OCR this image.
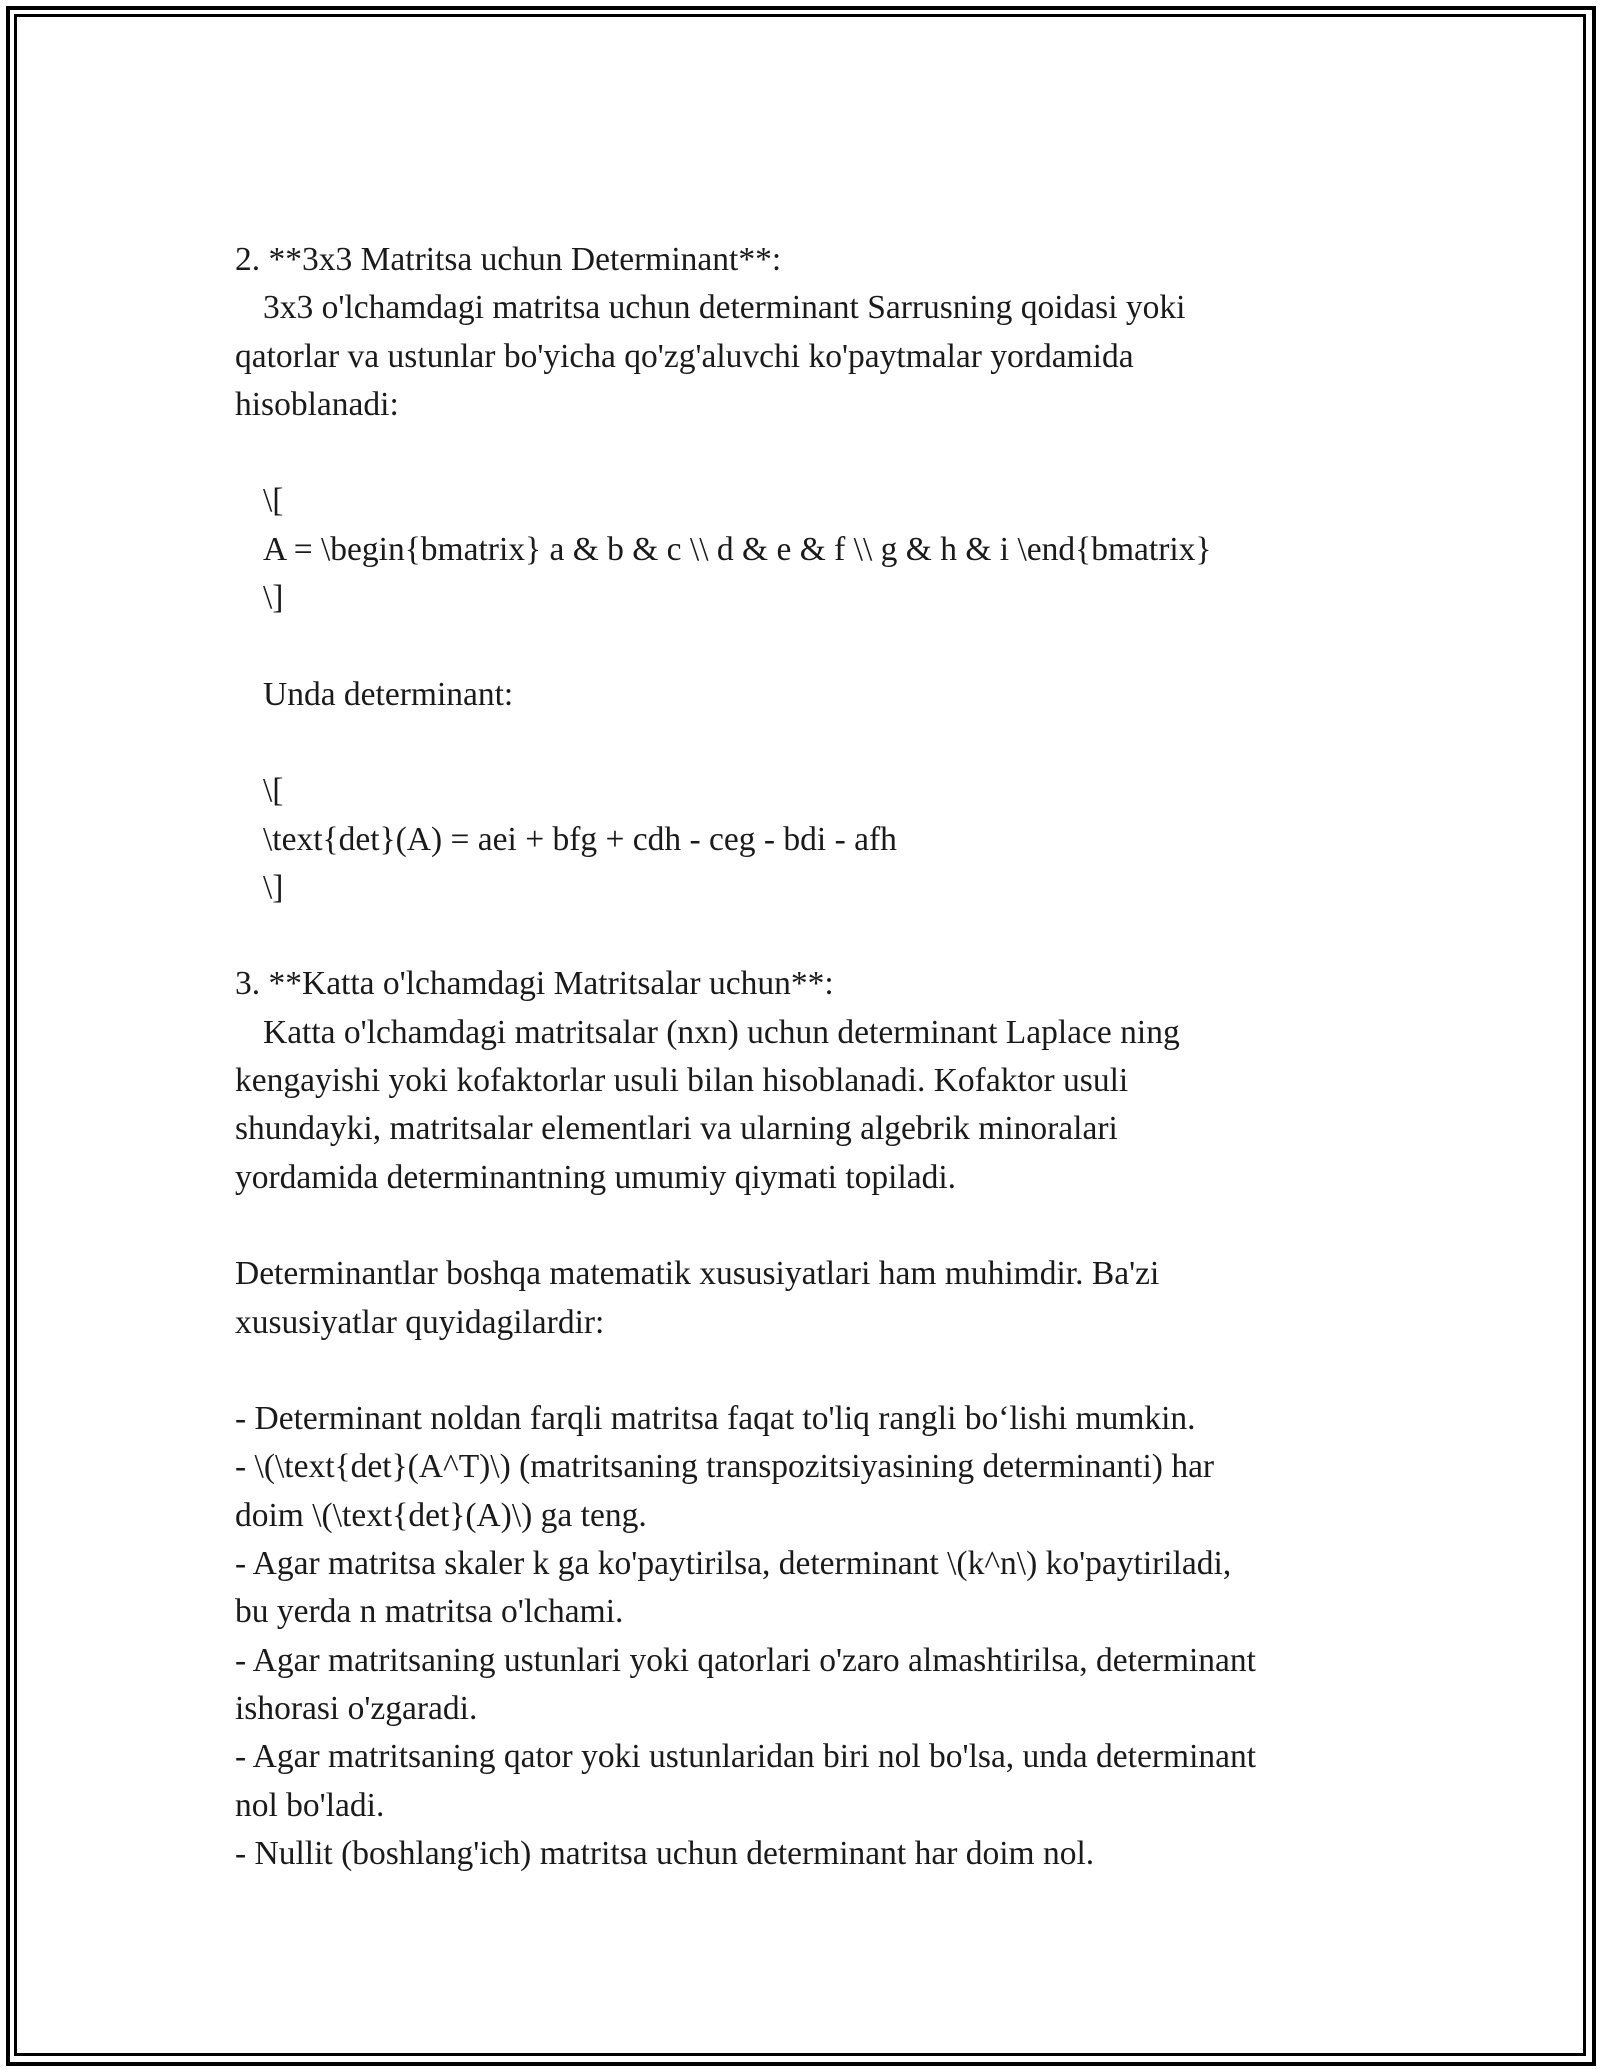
2. **3x3 Matritsa uchun Determinant**:
3x3 o'lchamdagi matritsa uchun determinant Sarrusning qoidasi yoki
qatorlar va ustunlar bo'yicha qo'zg'aluvchi ko'paytmalar yordamida
hisoblanadi:
\[
A = \begin{bmatrix} a & b & c \\ d & e & f \\ g & h & i \end{bmatrix}
\]
Unda determinant:
\[
\text{det}(A) = aei + bfg + cdh - ceg - bdi - afh
\]
3. **Katta o'lchamdagi Matritsalar uchun**:
Katta o'lchamdagi matritsalar (nxn) uchun determinant Laplace ning
kengayishi yoki kofaktorlar usuli bilan hisoblanadi. Kofaktor usuli
shundayki, matritsalar elementlari va ularning algebrik minoralari
yordamida determinantning umumiy qiymati topiladi.
Determinantlar boshqa matematik xususiyatlari ham muhimdir. Ba'zi
xususiyatlar quyidagilardir:
- Determinant noldan farqli matritsa faqat to'liq rangli bo‘lishi mumkin.
- \(\text{det}(A^T)\) (matritsaning transpozitsiyasining determinanti) har
doim \(\text{det}(A)\) ga teng.
- Agar matritsa skaler k ga ko'paytirilsa, determinant \(k^n\) ko'paytiriladi,
bu yerda n matritsa o'lchami.
- Agar matritsaning ustunlari yoki qatorlari o'zaro almashtirilsa, determinant
ishorasi o'zgaradi.
- Agar matritsaning qator yoki ustunlaridan biri nol bo'lsa, unda determinant
nol bo'ladi.
- Nullit (boshlang'ich) matritsa uchun determinant har doim nol.
